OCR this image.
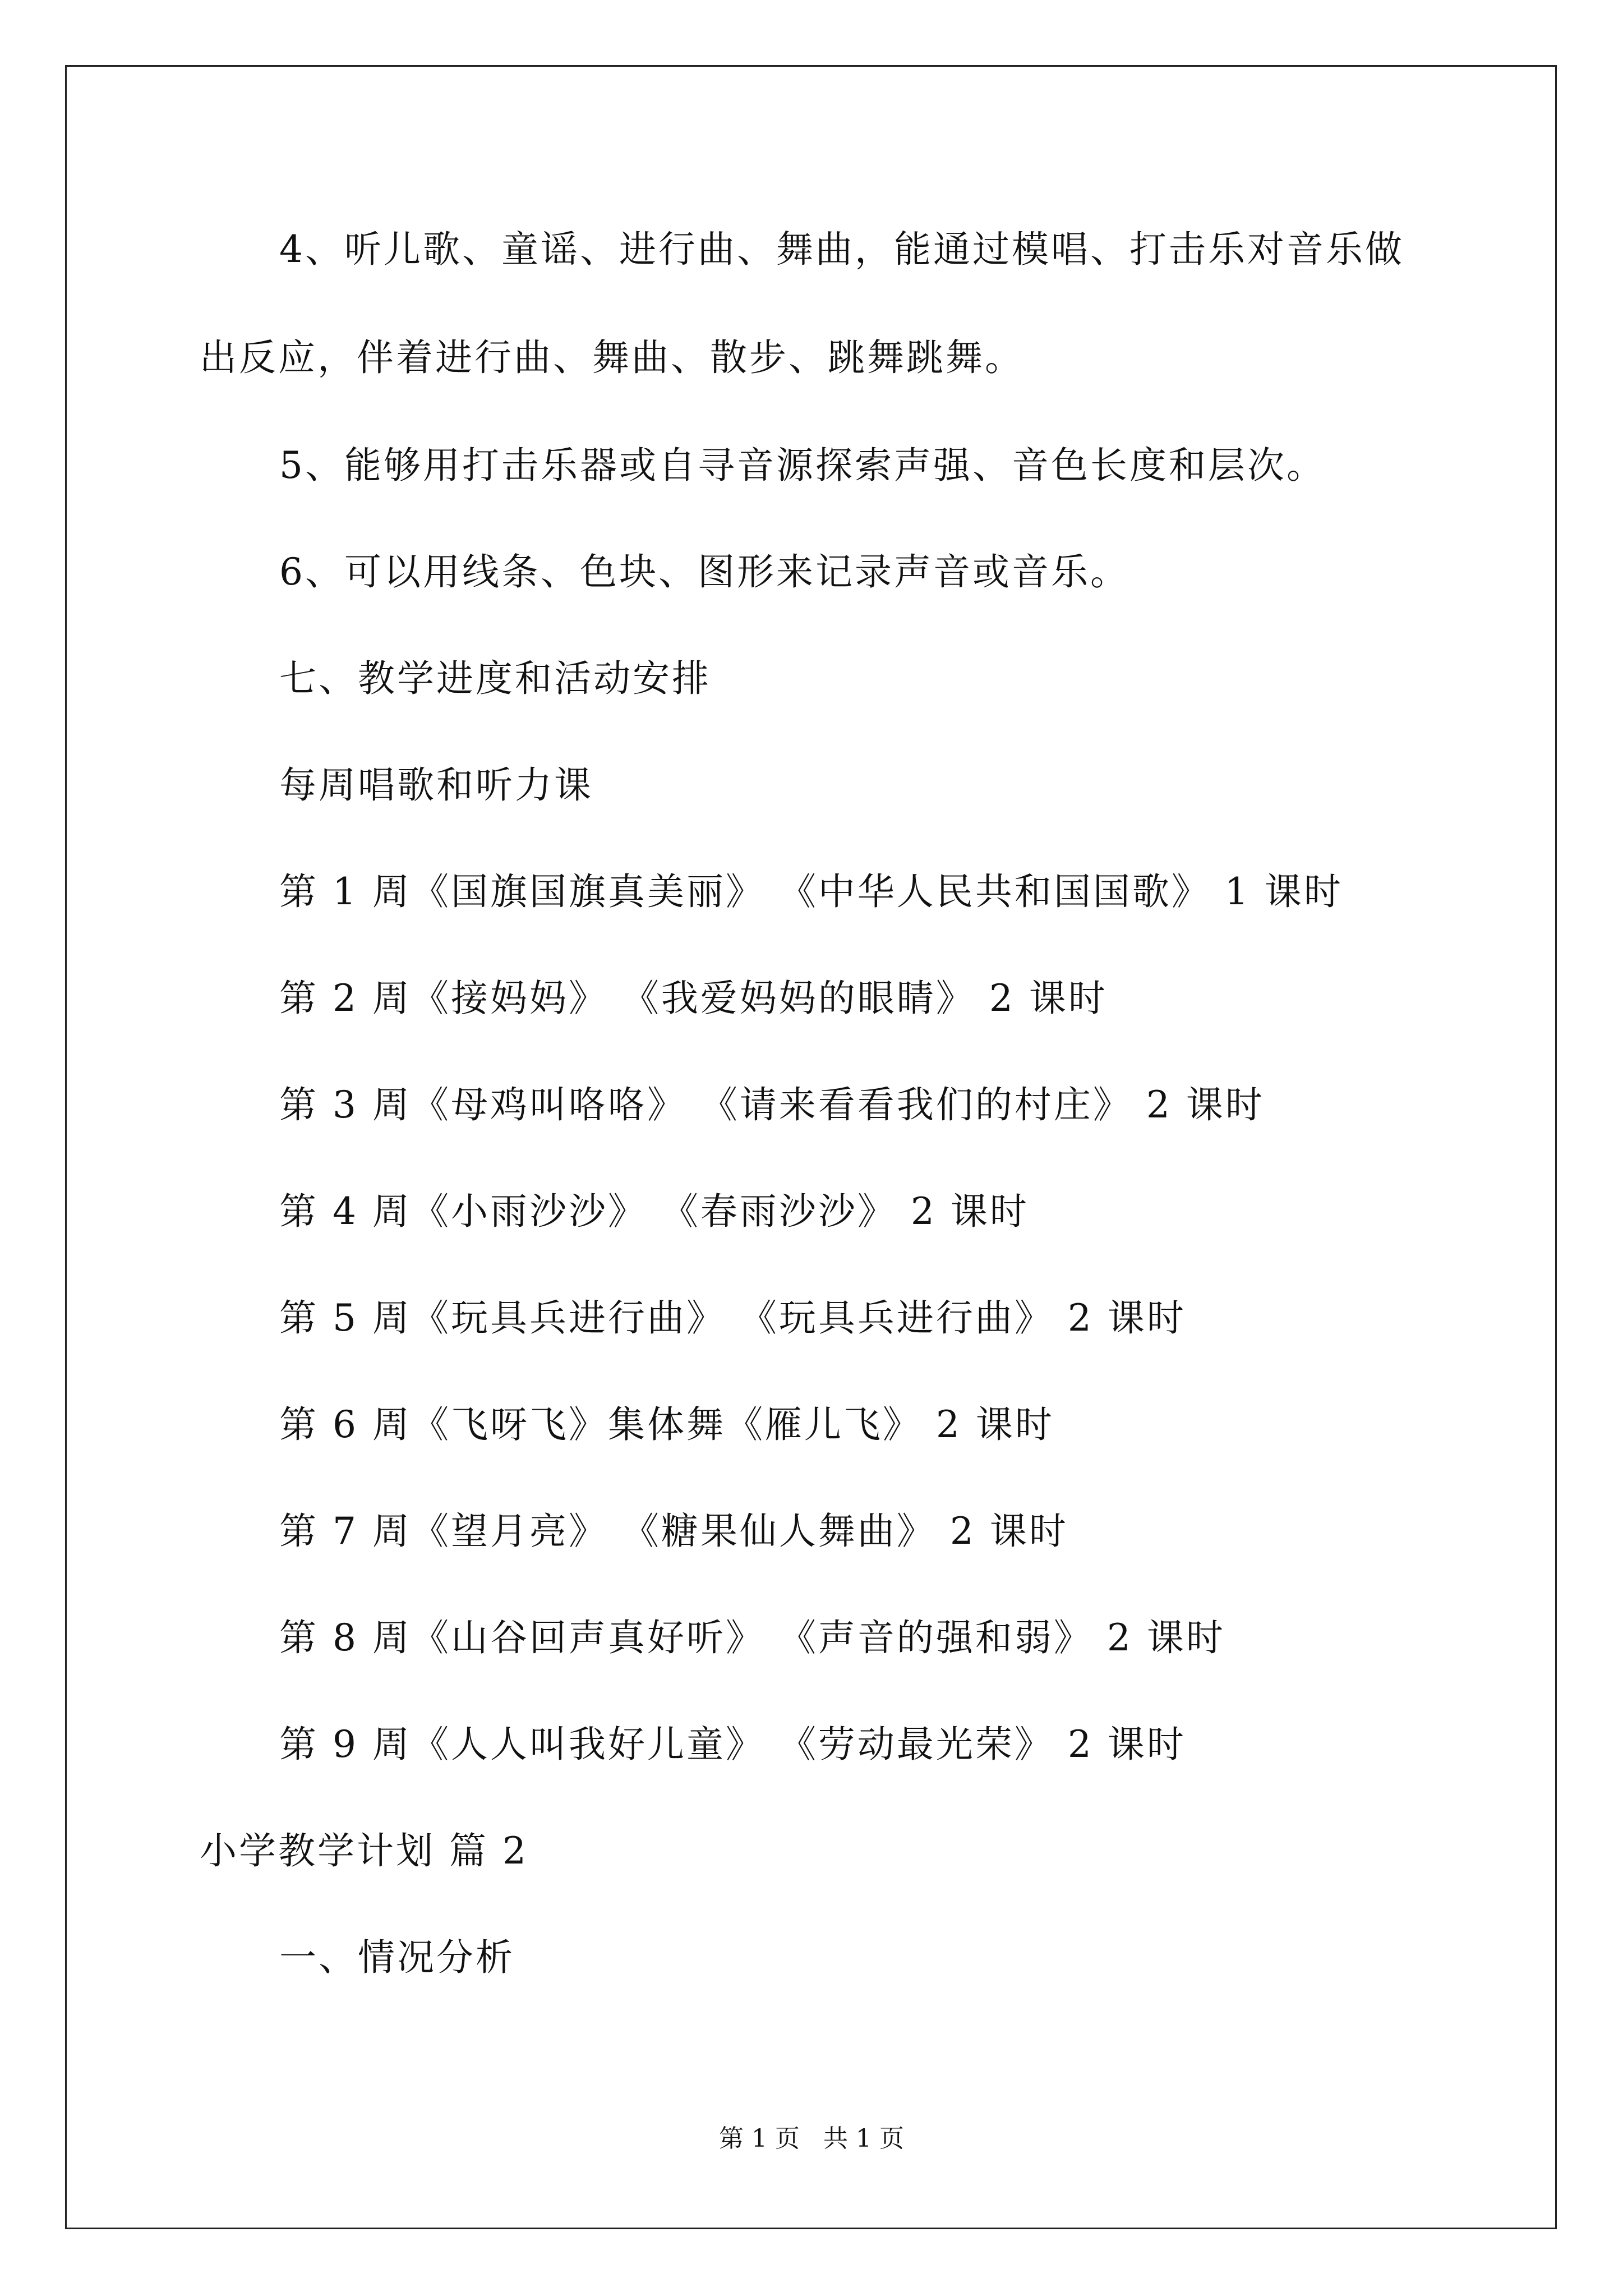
4、听儿歌、童谣、进行曲、舞曲，能通过模唱、打击乐对音乐做
出反应，伴着进行曲、舞曲、散步、跳舞跳舞。
5、能够用打击乐器或自寻音源探索声强、音色长度和层次。
6、可以用线条、色块、图形来记录声音或音乐。
七、教学进度和活动安排
每周唱歌和听力课
第 1 周《国旗国旗真美丽》 《中华人民共和国国歌》 1 课时
第 2 周《接妈妈》 《我爱妈妈的眼睛》 2 课时
第 3 周《母鸡叫咯咯》 《请来看看我们的村庄》 2 课时
第 4 周《小雨沙沙》 《春雨沙沙》 2 课时
第 5 周《玩具兵进行曲》 《玩具兵进行曲》 2 课时
第 6 周《飞呀飞》集体舞《雁儿飞》 2 课时
第 7 周《望月亮》 《糖果仙人舞曲》 2 课时
第 8 周《山谷回声真好听》 《声音的强和弱》 2 课时
第 9 周《人人叫我好儿童》 《劳动最光荣》 2 课时
小学教学计划 篇 2
一、情况分析
第 1 页   共 1 页
